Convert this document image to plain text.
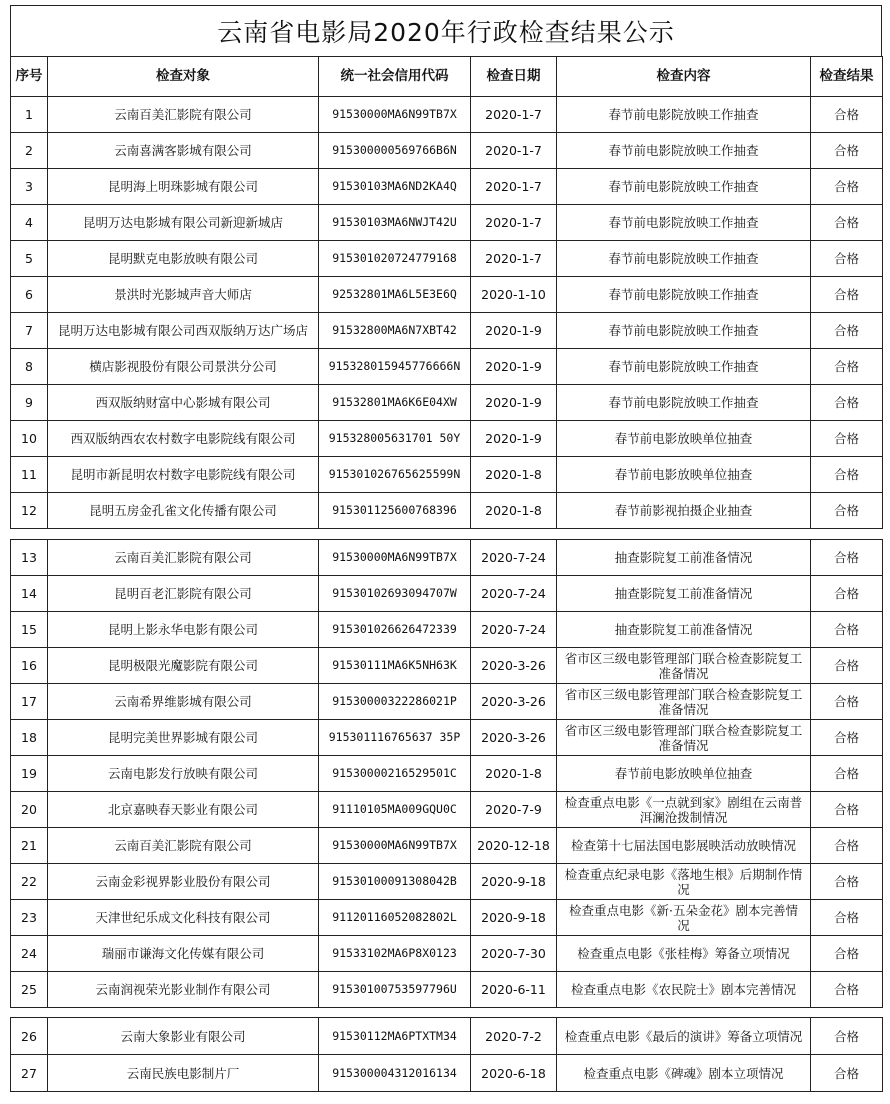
云南省电影局2020年行政检查结果公示
序号	检查对象	统一社会信用代码	检查日期	检查内容	检查结果
1	云南百美汇影院有限公司	91530000MA6N99TB7X	2020-1-7	春节前电影院放映工作抽查	合格
2	云南喜满客影城有限公司	915300000569766B6N	2020-1-7	春节前电影院放映工作抽查	合格
3	昆明海上明珠影城有限公司	91530103MA6ND2KA4Q	2020-1-7	春节前电影院放映工作抽查	合格
4	昆明万达电影城有限公司新迎新城店	91530103MA6NWJT42U	2020-1-7	春节前电影院放映工作抽查	合格
5	昆明默克电影放映有限公司	915301020724779168	2020-1-7	春节前电影院放映工作抽查	合格
6	景洪时光影城声音大师店	92532801MA6L5E3E6Q	2020-1-10	春节前电影院放映工作抽查	合格
7	昆明万达电影城有限公司西双版纳万达广场店	91532800MA6N7XBT42	2020-1-9	春节前电影院放映工作抽查	合格
8	横店影视股份有限公司景洪分公司	915328015945776666N	2020-1-9	春节前电影院放映工作抽查	合格
9	西双版纳财富中心影城有限公司	91532801MA6K6E04XW	2020-1-9	春节前电影院放映工作抽查	合格
10	西双版纳西农农村数字电影院线有限公司	915328005631701 50Y	2020-1-9	春节前电影放映单位抽查	合格
11	昆明市新昆明农村数字电影院线有限公司	915301026765625599N	2020-1-8	春节前电影放映单位抽查	合格
12	昆明五房金孔雀文化传播有限公司	915301125600768396	2020-1-8	春节前影视拍摄企业抽查	合格
13	云南百美汇影院有限公司	91530000MA6N99TB7X	2020-7-24	抽查影院复工前准备情况	合格
14	昆明百老汇影院有限公司	91530102693094707W	2020-7-24	抽查影院复工前准备情况	合格
15	昆明上影永华电影有限公司	915301026626472339	2020-7-24	抽查影院复工前准备情况	合格
16	昆明极限光魔影院有限公司	91530111MA6K5NH63K	2020-3-26	省市区三级电影管理部门联合检查影院复工准备情况	合格
17	云南希界维影城有限公司	91530000322286021P	2020-3-26	省市区三级电影管理部门联合检查影院复工准备情况	合格
18	昆明完美世界影城有限公司	915301116765637 35P	2020-3-26	省市区三级电影管理部门联合检查影院复工准备情况	合格
19	云南电影发行放映有限公司	91530000216529501C	2020-1-8	春节前电影放映单位抽查	合格
20	北京嘉映春天影业有限公司	91110105MA009GQU0C	2020-7-9	检查重点电影《一点就到家》剧组在云南普洱澜沧拨制情况	合格
21	云南百美汇影院有限公司	91530000MA6N99TB7X	2020-12-18	检查第十七届法国电影展映活动放映情况	合格
22	云南金彩视界影业股份有限公司	91530100091308042B	2020-9-18	检查重点纪录电影《落地生根》后期制作情况	合格
23	天津世纪乐成文化科技有限公司	91120116052082802L	2020-9-18	检查重点电影《新·五朵金花》剧本完善情况	合格
24	瑞丽市谦海文化传媒有限公司	91533102MA6P8X0123	2020-7-30	检查重点电影《张桂梅》筹备立项情况	合格
25	云南润视荣光影业制作有限公司	91530100753597796U	2020-6-11	检查重点电影《农民院士》剧本完善情况	合格
26	云南大象影业有限公司	91530112MA6PTXTM34	2020-7-2	检查重点电影《最后的演讲》筹备立项情况	合格
27	云南民族电影制片厂	915300004312016134	2020-6-18	检查重点电影《碑魂》剧本立项情况	合格
